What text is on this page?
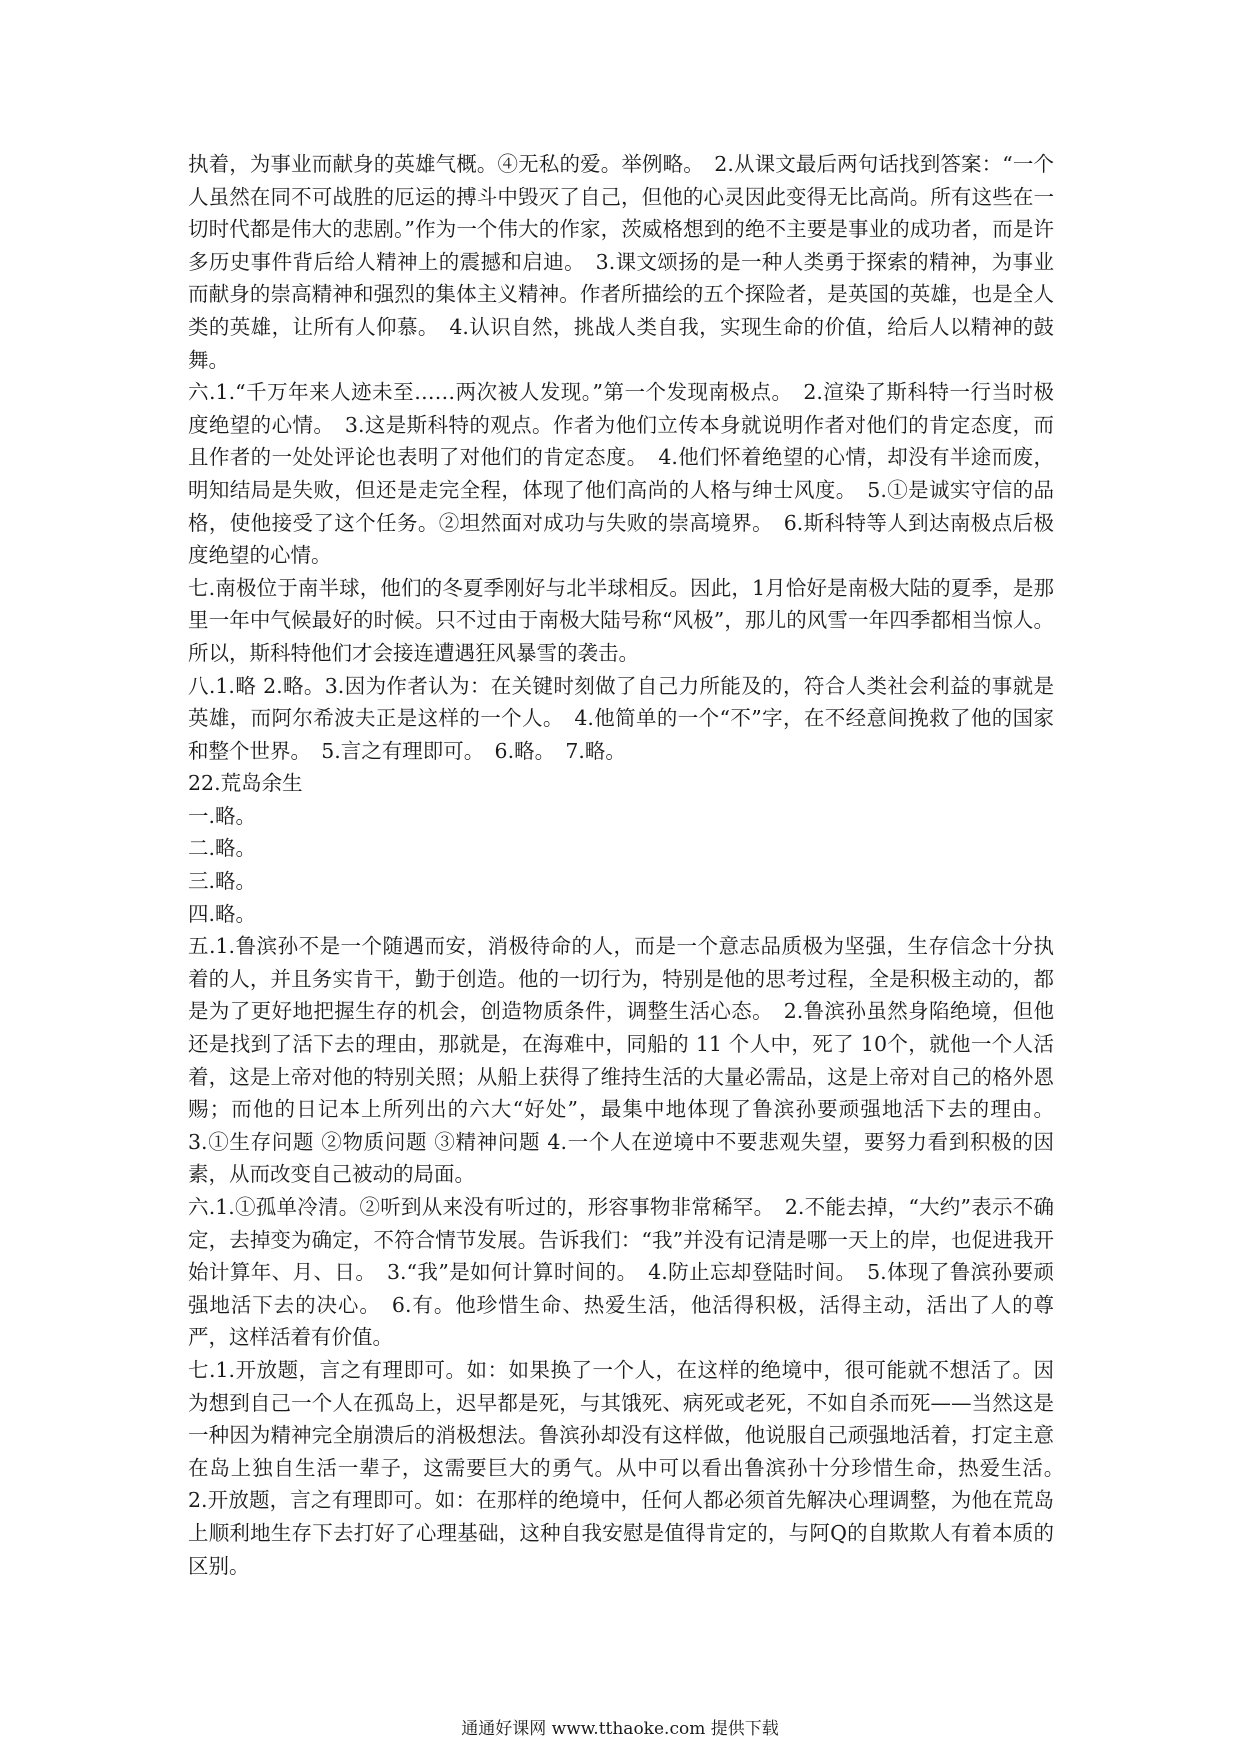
执着，为事业而献身的英雄气概。④无私的爱。举例略。　2.从课文最后两句话找到答案：“一个人虽然在同不可战胜的厄运的搏斗中毁灭了自己，但他的心灵因此变得无比高尚。所有这些在一切时代都是伟大的悲剧。”作为一个伟大的作家，茨威格想到的绝不主要是事业的成功者，而是许多历史事件背后给人精神上的震撼和启迪。　3.课文颂扬的是一种人类勇于探索的精神，为事业而献身的崇高精神和强烈的集体主义精神。作者所描绘的五个探险者，是英国的英雄，也是全人类的英雄，让所有人仰慕。　4.认识自然，挑战人类自我，实现生命的价值，给后人以精神的鼓舞。

六.1.“千万年来人迹未至……两次被人发现。”第一个发现南极点。　2.渲染了斯科特一行当时极度绝望的心情。　3.这是斯科特的观点。作者为他们立传本身就说明作者对他们的肯定态度，而且作者的一处处评论也表明了对他们的肯定态度。　4.他们怀着绝望的心情，却没有半途而废，明知结局是失败，但还是走完全程，体现了他们高尚的人格与绅士风度。　5.①是诚实守信的品格，使他接受了这个任务。②坦然面对成功与失败的崇高境界。　6.斯科特等人到达南极点后极度绝望的心情。

七.南极位于南半球，他们的冬夏季刚好与北半球相反。因此，1月恰好是南极大陆的夏季，是那里一年中气候最好的时候。只不过由于南极大陆号称“风极”，那儿的风雪一年四季都相当惊人。所以，斯科特他们才会接连遭遇狂风暴雪的袭击。

八.1.略 2.略。3.因为作者认为：在关键时刻做了自己力所能及的，符合人类社会利益的事就是英雄，而阿尔希波夫正是这样的一个人。　4.他简单的一个“不”字，在不经意间挽救了他的国家和整个世界。　5.言之有理即可。　6.略。　7.略。

22.荒岛余生

一.略。

二.略。

三.略。

四.略。

五.1.鲁滨孙不是一个随遇而安，消极待命的人，而是一个意志品质极为坚强，生存信念十分执着的人，并且务实肯干，勤于创造。他的一切行为，特别是他的思考过程，全是积极主动的，都是为了更好地把握生存的机会，创造物质条件，调整生活心态。　2.鲁滨孙虽然身陷绝境，但他还是找到了活下去的理由，那就是，在海难中，同船的 11 个人中，死了 10个，就他一个人活着，这是上帝对他的特别关照；从船上获得了维持生活的大量必需品，这是上帝对自己的格外恩赐；而他的日记本上所列出的六大“好处”，最集中地体现了鲁滨孙要顽强地活下去的理由。 3.①生存问题 ②物质问题 ③精神问题 4.一个人在逆境中不要悲观失望，要努力看到积极的因素，从而改变自己被动的局面。

六.1.①孤单冷清。②听到从来没有听过的，形容事物非常稀罕。　2.不能去掉，“大约”表示不确定，去掉变为确定，不符合情节发展。告诉我们：“我”并没有记清是哪一天上的岸，也促进我开始计算年、月、日。　3.“我”是如何计算时间的。　4.防止忘却登陆时间。　5.体现了鲁滨孙要顽强地活下去的决心。　6.有。他珍惜生命、热爱生活，他活得积极，活得主动，活出了人的尊严，这样活着有价值。

七.1.开放题，言之有理即可。如：如果换了一个人，在这样的绝境中，很可能就不想活了。因为想到自己一个人在孤岛上，迟早都是死，与其饿死、病死或老死，不如自杀而死——当然这是一种因为精神完全崩溃后的消极想法。鲁滨孙却没有这样做，他说服自己顽强地活着，打定主意在岛上独自生活一辈子，这需要巨大的勇气。从中可以看出鲁滨孙十分珍惜生命，热爱生活。　2.开放题，言之有理即可。如：在那样的绝境中，任何人都必须首先解决心理调整，为他在荒岛上顺利地生存下去打好了心理基础，这种自我安慰是值得肯定的，与阿Q的自欺欺人有着本质的区别。

通通好课网 www.tthaoke.com 提供下载
